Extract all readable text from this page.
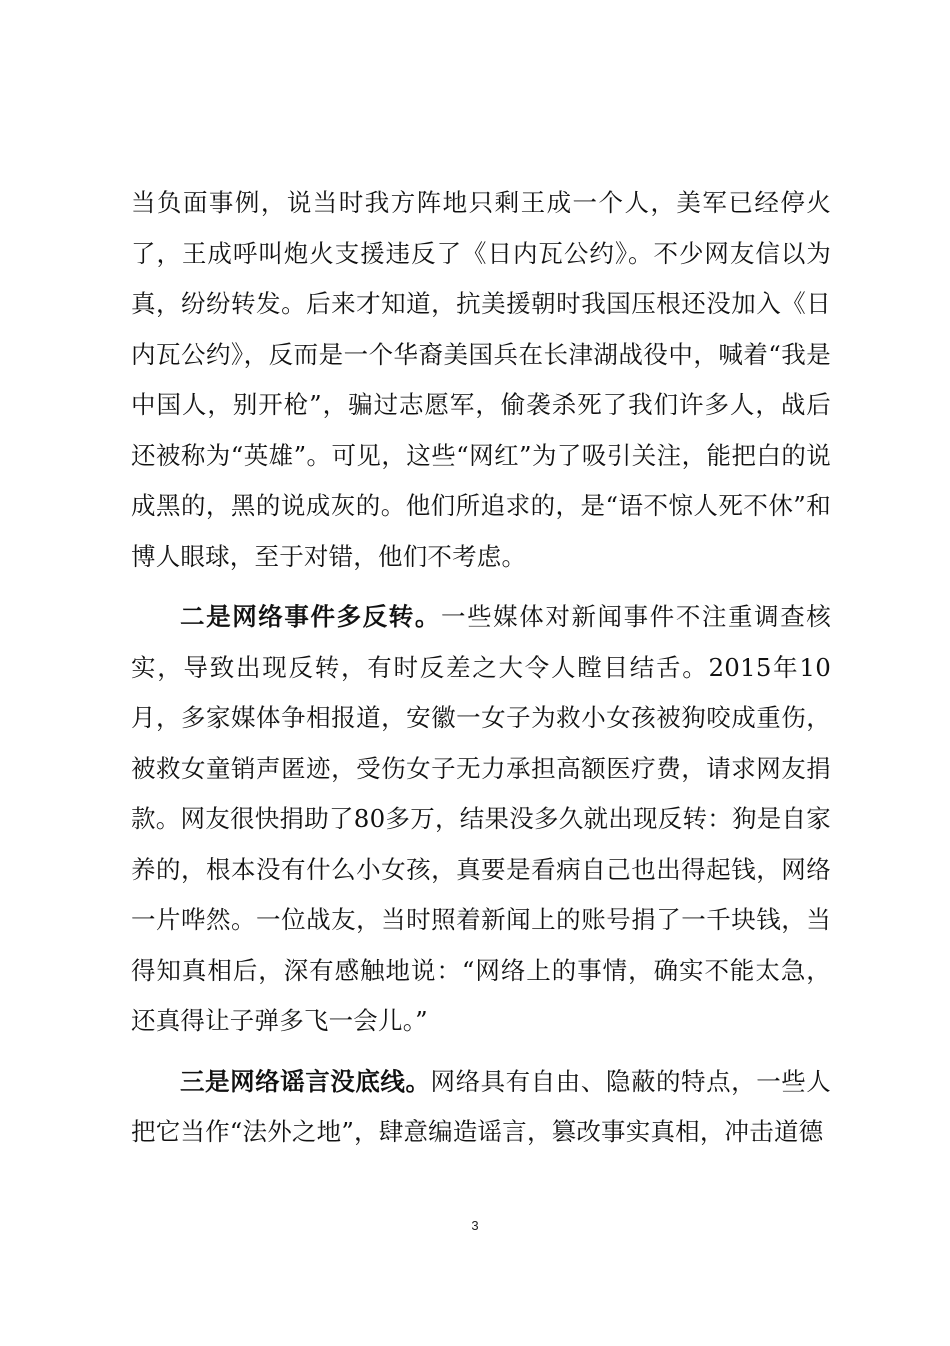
当负面事例，说当时我方阵地只剩王成一个人，美军已经停火了，王成呼叫炮火支援违反了《日内瓦公约》。不少网友信以为真，纷纷转发。后来才知道，抗美援朝时我国压根还没加入《日内瓦公约》，反而是一个华裔美国兵在长津湖战役中，喊着“我是中国人，别开枪”，骗过志愿军，偷袭杀死了我们许多人，战后还被称为“英雄”。可见，这些“网红”为了吸引关注，能把白的说成黑的，黑的说成灰的。他们所追求的，是“语不惊人死不休”和博人眼球，至于对错，他们不考虑。

二是网络事件多反转。一些媒体对新闻事件不注重调查核实，导致出现反转，有时反差之大令人瞠目结舌。2015年10月，多家媒体争相报道，安徽一女子为救小女孩被狗咬成重伤，被救女童销声匿迹，受伤女子无力承担高额医疗费，请求网友捐款。网友很快捐助了80多万，结果没多久就出现反转：狗是自家养的，根本没有什么小女孩，真要是看病自己也出得起钱，网络一片哗然。一位战友，当时照着新闻上的账号捐了一千块钱，当得知真相后，深有感触地说：“网络上的事情，确实不能太急，还真得让子弹多飞一会儿。”

三是网络谣言没底线。网络具有自由、隐蔽的特点，一些人把它当作“法外之地”，肆意编造谣言，篡改事实真相，冲击道德

3
